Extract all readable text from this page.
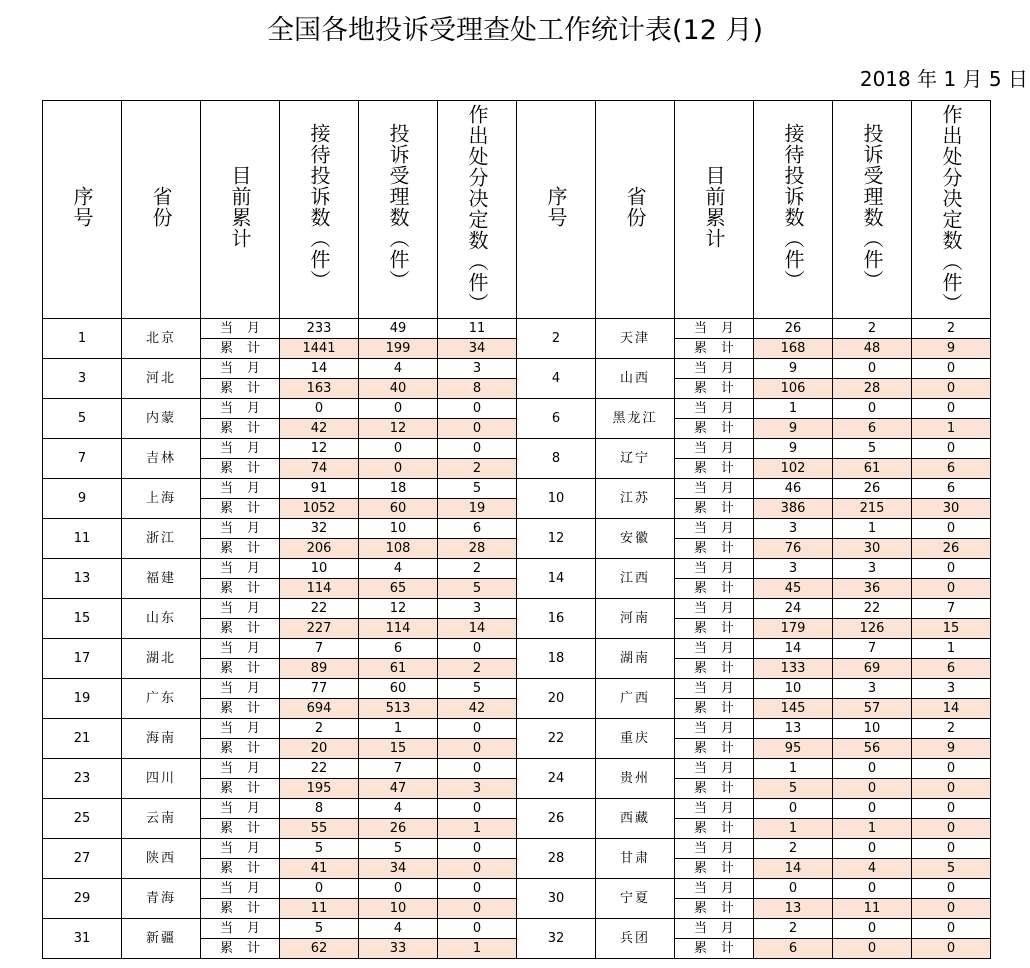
全国各地投诉受理查处工作统计表(12 月)
2018 年 1 月 5 日
序号	省份	目前累计	接待投诉数（件）	投诉受理数（件）	作出处分决定数（件）	序号	省份	目前累计	接待投诉数（件）	投诉受理数（件）	作出处分决定数（件）
1	北京	当月	233	49	11	2	天津	当月	26	2	2
		累计	1441	199	34			累计	168	48	9
3	河北	当月	14	4	3	4	山西	当月	9	0	0
		累计	163	40	8			累计	106	28	0
5	内蒙	当月	0	0	0	6	黑龙江	当月	1	0	0
		累计	42	12	0			累计	9	6	1
7	吉林	当月	12	0	0	8	辽宁	当月	9	5	0
		累计	74	0	2			累计	102	61	6
9	上海	当月	91	18	5	10	江苏	当月	46	26	6
		累计	1052	60	19			累计	386	215	30
11	浙江	当月	32	10	6	12	安徽	当月	3	1	0
		累计	206	108	28			累计	76	30	26
13	福建	当月	10	4	2	14	江西	当月	3	3	0
		累计	114	65	5			累计	45	36	0
15	山东	当月	22	12	3	16	河南	当月	24	22	7
		累计	227	114	14			累计	179	126	15
17	湖北	当月	7	6	0	18	湖南	当月	14	7	1
		累计	89	61	2			累计	133	69	6
19	广东	当月	77	60	5	20	广西	当月	10	3	3
		累计	694	513	42			累计	145	57	14
21	海南	当月	2	1	0	22	重庆	当月	13	10	2
		累计	20	15	0			累计	95	56	9
23	四川	当月	22	7	0	24	贵州	当月	1	0	0
		累计	195	47	3			累计	5	0	0
25	云南	当月	8	4	0	26	西藏	当月	0	0	0
		累计	55	26	1			累计	1	1	0
27	陕西	当月	5	5	0	28	甘肃	当月	2	0	0
		累计	41	34	0			累计	14	4	5
29	青海	当月	0	0	0	30	宁夏	当月	0	0	0
		累计	11	10	0			累计	13	11	0
31	新疆	当月	5	4	0	32	兵团	当月	2	0	0
		累计	62	33	1			累计	6	0	0
